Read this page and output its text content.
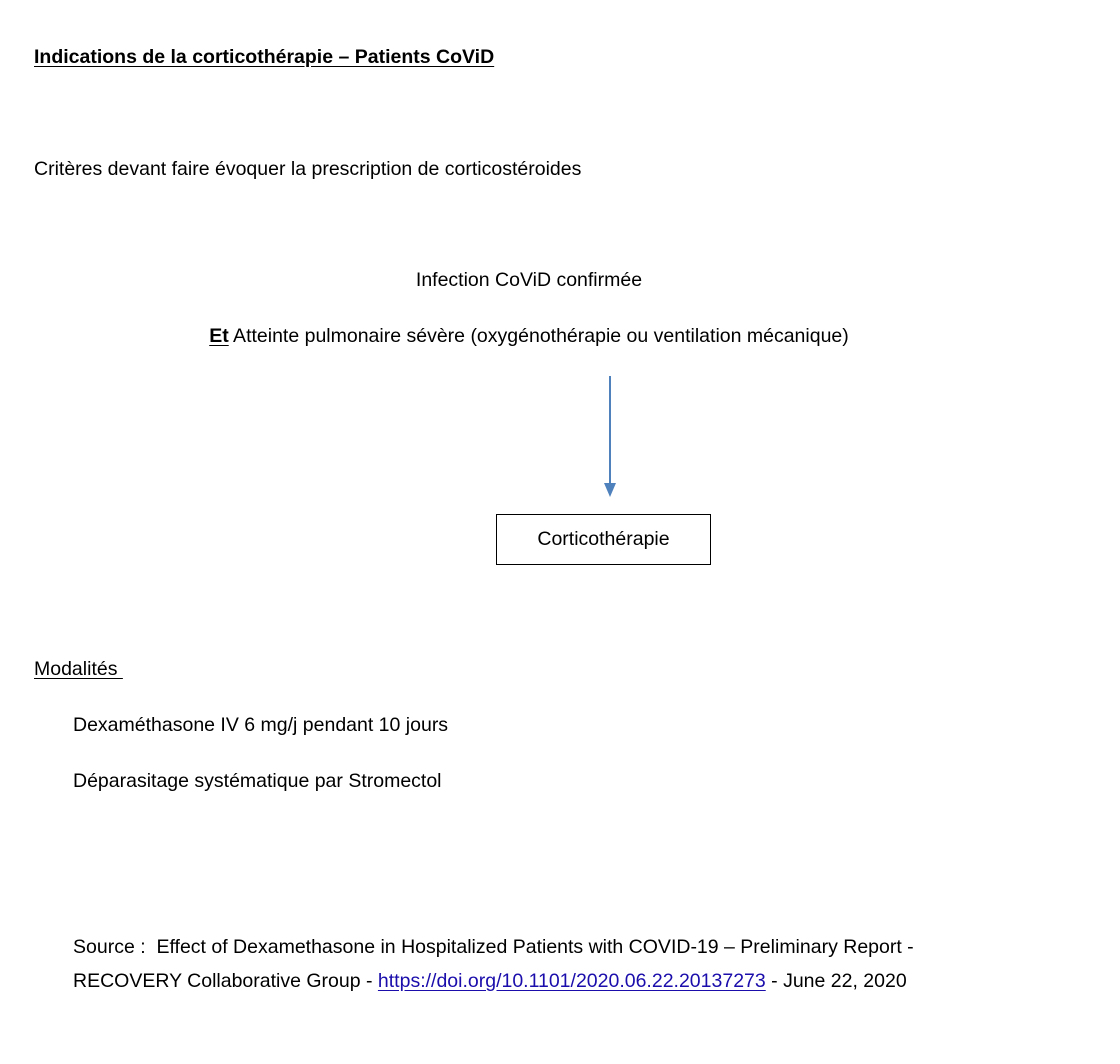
Indications de la corticothérapie – Patients CoViD
Critères devant faire évoquer la prescription de corticostéroides
Infection CoViD confirmée
Et Atteinte pulmonaire sévère (oxygénothérapie ou ventilation mécanique)
Corticothérapie
Modalités
Dexaméthasone IV 6 mg/j pendant 10 jours
Déparasitage systématique par Stromectol
Source :  Effect of Dexamethasone in Hospitalized Patients with COVID-19 – Preliminary Report -
RECOVERY Collaborative Group - https://doi.org/10.1101/2020.06.22.20137273 - June 22, 2020
